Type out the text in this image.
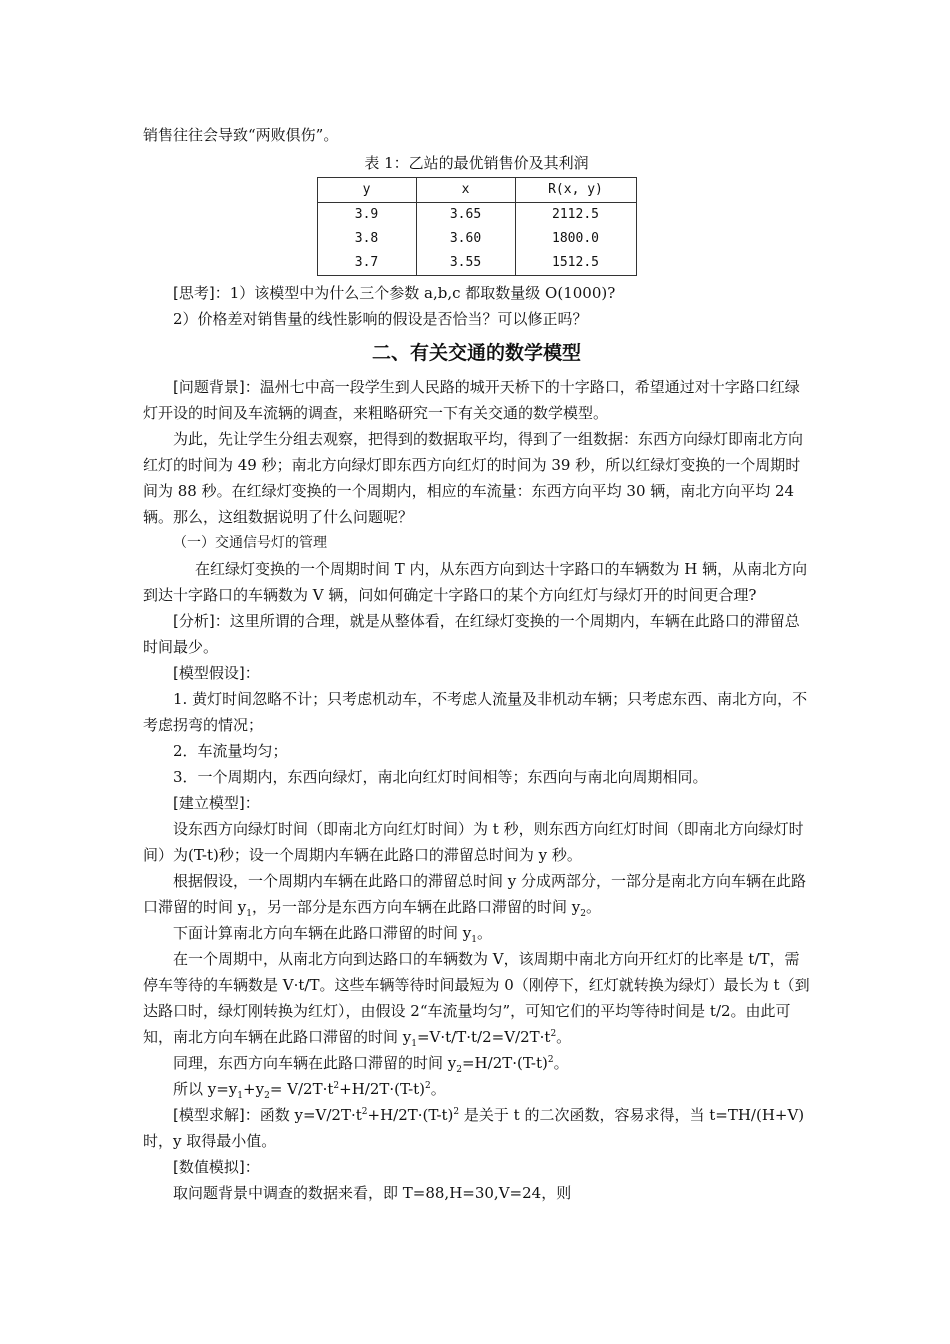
销售往往会导致“两败俱伤”。

表 1：乙站的最优销售价及其利润

y	x	R(x, y)
3.9	3.65	2112.5
3.8	3.60	1800.0
3.7	3.55	1512.5

[思考]：1）该模型中为什么三个参数 a,b,c 都取数量级 O(1000)?

2）价格差对销售量的线性影响的假设是否恰当？可以修正吗？

二、有关交通的数学模型

[问题背景]：温州七中高一段学生到人民路的城开天桥下的十字路口，希望通过对十字路口红绿灯开设的时间及车流辆的调查，来粗略研究一下有关交通的数学模型。

为此，先让学生分组去观察，把得到的数据取平均，得到了一组数据：东西方向绿灯即南北方向红灯的时间为 49 秒；南北方向绿灯即东西方向红灯的时间为 39 秒，所以红绿灯变换的一个周期时间为 88 秒。在红绿灯变换的一个周期内，相应的车流量：东西方向平均 30 辆，南北方向平均 24 辆。那么，这组数据说明了什么问题呢？

（一）交通信号灯的管理

在红绿灯变换的一个周期时间 T 内，从东西方向到达十字路口的车辆数为 H 辆，从南北方向到达十字路口的车辆数为 V 辆，问如何确定十字路口的某个方向红灯与绿灯开的时间更合理?

[分析]：这里所谓的合理，就是从整体看，在红绿灯变换的一个周期内，车辆在此路口的滞留总时间最少。

[模型假设]：

1. 黄灯时间忽略不计；只考虑机动车，不考虑人流量及非机动车辆；只考虑东西、南北方向，不考虑拐弯的情况；

2．车流量均匀；

3．一个周期内，东西向绿灯，南北向红灯时间相等；东西向与南北向周期相同。

[建立模型]：

设东西方向绿灯时间（即南北方向红灯时间）为 t 秒，则东西方向红灯时间（即南北方向绿灯时间）为(T-t)秒；设一个周期内车辆在此路口的滞留总时间为 y 秒。

根据假设，一个周期内车辆在此路口的滞留总时间 y 分成两部分，一部分是南北方向车辆在此路口滞留的时间 $y_1$，另一部分是东西方向车辆在此路口滞留的时间 $y_2$。

下面计算南北方向车辆在此路口滞留的时间 $y_1$。

在一个周期中，从南北方向到达路口的车辆数为 V，该周期中南北方向开红灯的比率是 t/T，需停车等待的车辆数是 V·t/T。这些车辆等待时间最短为 0（刚停下，红灯就转换为绿灯）最长为 t（到达路口时，绿灯刚转换为红灯），由假设 2“车流量均匀”，可知它们的平均等待时间是 t/2。由此可知，南北方向车辆在此路口滞留的时间 $y_1=V\cdot t/T\cdot t/2=V/2T\cdot t^2$。

同理，东西方向车辆在此路口滞留的时间 $y_2=H/2T\cdot(T-t)^2$。

所以 $y=y_1+y_2= V/2T\cdot t^2+H/2T\cdot(T-t)^2$。

[模型求解]：函数 $y=V/2T\cdot t^2+H/2T\cdot(T-t)^2$ 是关于 t 的二次函数，容易求得，当 t=TH/(H+V) 时，y 取得最小值。

[数值模拟]：

取问题背景中调查的数据来看，即 T=88,H=30,V=24，则
